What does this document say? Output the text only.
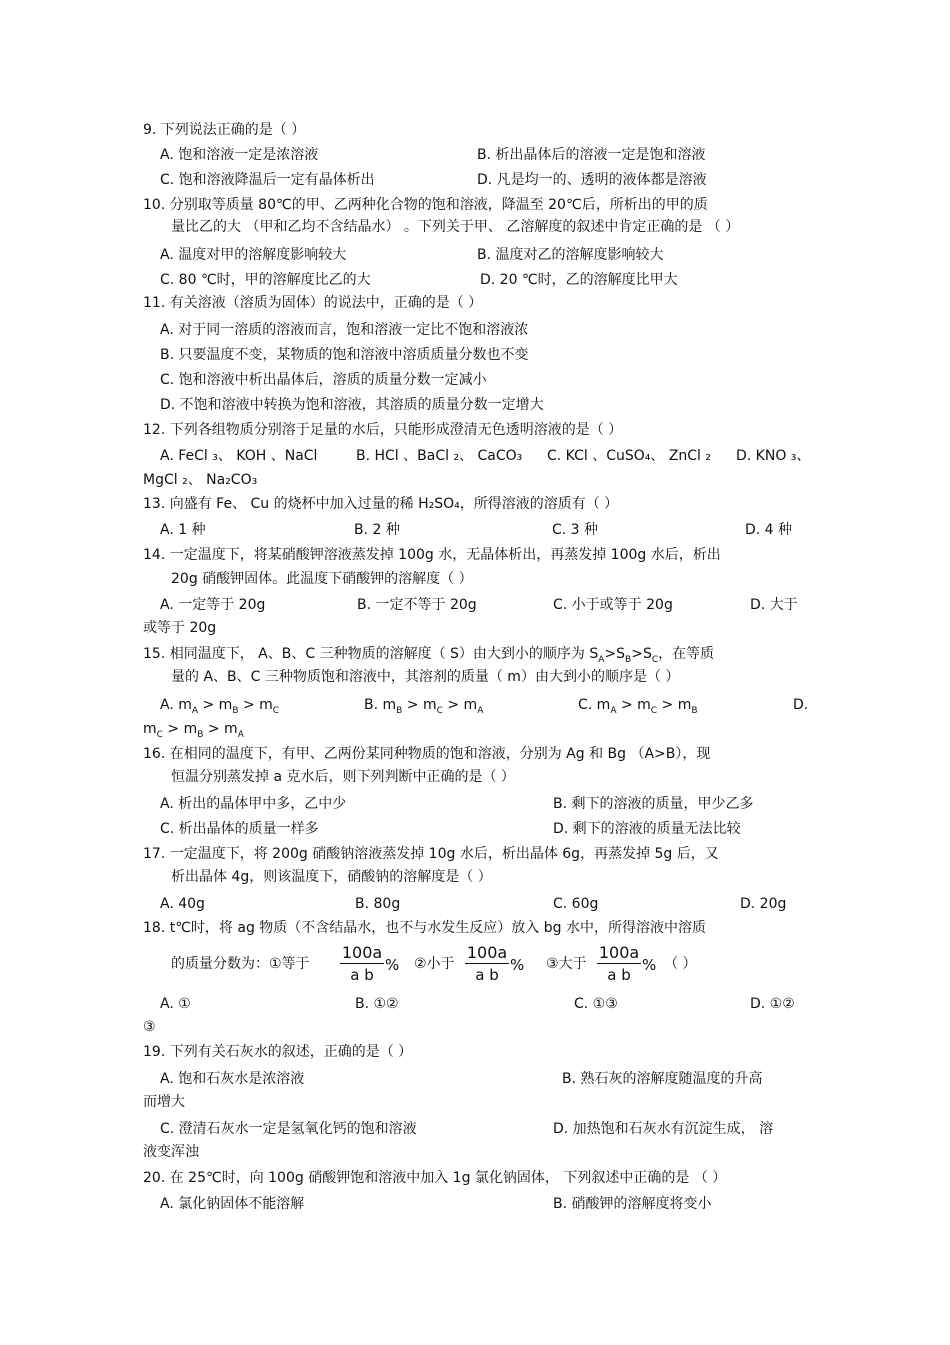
9. 下列说法正确的是（ ）
A. 饱和溶液一定是浓溶液	B. 析出晶体后的溶液一定是饱和溶液
C. 饱和溶液降温后一定有晶体析出	D. 凡是均一的、透明的液体都是溶液
10. 分别取等质量 80℃的甲、乙两种化合物的饱和溶液，降温至 20℃后，所析出的甲的质
量比乙的大 （甲和乙均不含结晶水） 。下列关于甲、 乙溶解度的叙述中肯定正确的是 （ ）
A. 温度对甲的溶解度影响较大	B. 温度对乙的溶解度影响较大
C. 80 ℃时，甲的溶解度比乙的大	D. 20 ℃时，乙的溶解度比甲大
11. 有关溶液（溶质为固体）的说法中，正确的是（ ）
A. 对于同一溶质的溶液而言，饱和溶液一定比不饱和溶液浓
B. 只要温度不变，某物质的饱和溶液中溶质质量分数也不变
C. 饱和溶液中析出晶体后，溶质的质量分数一定减小
D. 不饱和溶液中转换为饱和溶液，其溶质的质量分数一定增大
12. 下列各组物质分别溶于足量的水后，只能形成澄清无色透明溶液的是（ ）
A. FeCl ₃、 KOH 、NaCl	B. HCl 、BaCl ₂、 CaCO₃ C. KCl 、CuSO₄、 ZnCl ₂ D. KNO ₃、
MgCl ₂、 Na₂CO₃
13. 向盛有 Fe、 Cu 的烧杯中加入过量的稀 H₂SO₄，所得溶液的溶质有（ ）
A. 1 种	B. 2 种	C. 3 种	D. 4 种
14. 一定温度下，将某硝酸钾溶液蒸发掉 100g 水，无晶体析出，再蒸发掉 100g 水后，析出
20g 硝酸钾固体。此温度下硝酸钾的溶解度（ ）
A. 一定等于 20g	B. 一定不等于 20g	C. 小于或等于 20g	D. 大于
或等于 20g
15. 相同温度下， A、B、C 三种物质的溶解度（ S）由大到小的顺序为 $S_A>S_B>S_C$，在等质
量的 A、B、C 三种物质饱和溶液中，其溶剂的质量（ m）由大到小的顺序是（ ）
A. $m_A > m_B > m_C$	B. $m_B > m_C > m_A$	C. $m_A > m_C > m_B$	D.
$m_C > m_B > m_A$
16. 在相同的温度下，有甲、乙两份某同种物质的饱和溶液，分别为 Ag 和 Bg （A>B），现
恒温分别蒸发掉 a 克水后，则下列判断中正确的是（ ）
A. 析出的晶体甲中多，乙中少	B. 剩下的溶液的质量，甲少乙多
C. 析出晶体的质量一样多	D. 剩下的溶液的质量无法比较
17. 一定温度下，将 200g 硝酸钠溶液蒸发掉 10g 水后，析出晶体 6g，再蒸发掉 5g 后，又
析出晶体 4g，则该温度下，硝酸钠的溶解度是（ ）
A. 40g	B. 80g	C. 60g	D. 20g
18. t℃时，将 ag 物质（不含结晶水，也不与水发生反应）放入 bg 水中，所得溶液中溶质
的质量分数为：①等于 $\frac{100a}{\text{a b}}$ % ②小于 $\frac{100a}{\text{a b}}$ % ③大于 $\frac{100a}{\text{a b}}$ % （ ）
A. ①	B. ①②	C. ①③	D. ①②
③
19. 下列有关石灰水的叙述，正确的是（ ）
A. 饱和石灰水是浓溶液	B. 熟石灰的溶解度随温度的升高
而增大
C. 澄清石灰水一定是氢氧化钙的饱和溶液	D. 加热饱和石灰水有沉淀生成， 溶
液变浑浊
20. 在 25℃时，向 100g 硝酸钾饱和溶液中加入 1g 氯化钠固体， 下列叙述中正确的是 （ ）
A. 氯化钠固体不能溶解	B. 硝酸钾的溶解度将变小
